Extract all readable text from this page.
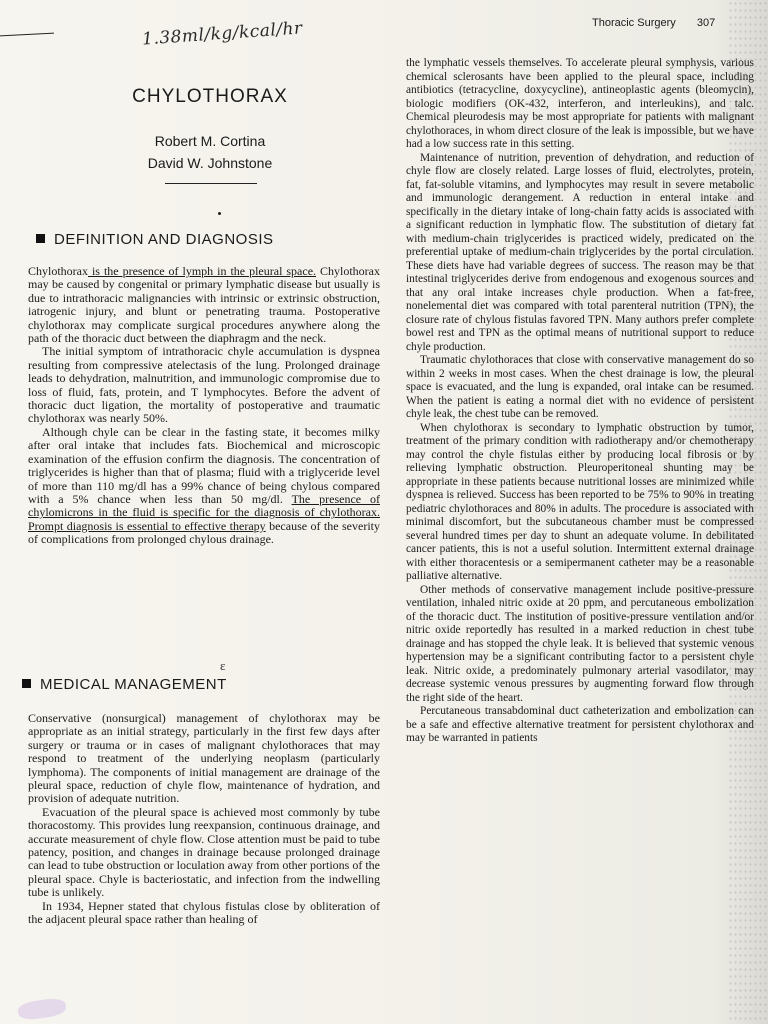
1.38ml/kg/kcal/hr	Thoracic Surgery 307
CHYLOTHORAX
Robert M. Cortina
David W. Johnstone
DEFINITION AND DIAGNOSIS

Chylothorax is the presence of lymph in the pleural space. Chylothorax may be caused by congenital or primary lymphatic disease but usually is due to intrathoracic malignancies with intrinsic or extrinsic obstruction, iatrogenic injury, and blunt or penetrating trauma. Postoperative chylothorax may complicate surgical procedures anywhere along the path of the thoracic duct between the diaphragm and the neck.

The initial symptom of intrathoracic chyle accumulation is dyspnea resulting from compressive atelectasis of the lung. Prolonged drainage leads to dehydration, malnutrition, and immunologic compromise due to loss of fluid, fats, protein, and T lymphocytes. Before the advent of thoracic duct ligation, the mortality of postoperative and traumatic chylothorax was nearly 50%.

Although chyle can be clear in the fasting state, it becomes milky after oral intake that includes fats. Biochemical and microscopic examination of the effusion confirm the diagnosis. The concentration of triglycerides is higher than that of plasma; fluid with a triglyceride level of more than 110 mg/dl has a 99% chance of being chylous compared with a 5% chance when less than 50 mg/dl. The presence of chylomicrons in the fluid is specific for the diagnosis of chylothorax. Prompt diagnosis is essential to effective therapy because of the severity of complications from prolonged chylous drainage.

ɛ
MEDICAL MANAGEMENT

Conservative (nonsurgical) management of chylothorax may be appropriate as an initial strategy, particularly in the first few days after surgery or trauma or in cases of malignant chylothoraces that may respond to treatment of the underlying neoplasm (particularly lymphoma). The components of initial management are drainage of the pleural space, reduction of chyle flow, maintenance of hydration, and provision of adequate nutrition.

Evacuation of the pleural space is achieved most commonly by tube thoracostomy. This provides lung reexpansion, continuous drainage, and accurate measurement of chyle flow. Close attention must be paid to tube patency, position, and changes in drainage because prolonged drainage can lead to tube obstruction or loculation away from other portions of the pleural space. Chyle is bacteriostatic, and infection from the indwelling tube is unlikely.

In 1934, Hepner stated that chylous fistulas close by obliteration of the adjacent pleural space rather than healing of

the lymphatic vessels themselves. To accelerate pleural symphysis, various chemical sclerosants have been applied to the pleural space, including antibiotics (tetracycline, doxycycline), antineoplastic agents (bleomycin), biologic modifiers (OK-432, interferon, and interleukins), and talc. Chemical pleurodesis may be most appropriate for patients with malignant chylothoraces, in whom direct closure of the leak is impossible, but we have had a low success rate in this setting.

Maintenance of nutrition, prevention of dehydration, and reduction of chyle flow are closely related. Large losses of fluid, electrolytes, protein, fat, fat-soluble vitamins, and lymphocytes may result in severe metabolic and immunologic derangement. A reduction in enteral intake and specifically in the dietary intake of long-chain fatty acids is associated with a significant reduction in lymphatic flow. The substitution of dietary fat with medium-chain triglycerides is practiced widely, predicated on the preferential uptake of medium-chain triglycerides by the portal circulation. These diets have had variable degrees of success. The reason may be that intestinal triglycerides derive from endogenous and exogenous sources and that any oral intake increases chyle production. When a fat-free, nonelemental diet was compared with total parenteral nutrition (TPN), the closure rate of chylous fistulas favored TPN. Many authors prefer complete bowel rest and TPN as the optimal means of nutritional support to reduce chyle production.

Traumatic chylothoraces that close with conservative management do so within 2 weeks in most cases. When the chest drainage is low, the pleural space is evacuated, and the lung is expanded, oral intake can be resumed. When the patient is eating a normal diet with no evidence of persistent chyle leak, the chest tube can be removed.

When chylothorax is secondary to lymphatic obstruction by tumor, treatment of the primary condition with radiotherapy and/or chemotherapy may control the chyle fistulas either by producing local fibrosis or by relieving lymphatic obstruction. Pleuroperitoneal shunting may be appropriate in these patients because nutritional losses are minimized while dyspnea is relieved. Success has been reported to be 75% to 90% in treating pediatric chylothoraces and 80% in adults. The procedure is associated with minimal discomfort, but the subcutaneous chamber must be compressed several hundred times per day to shunt an adequate volume. In debilitated cancer patients, this is not a useful solution. Intermittent external drainage with either thoracentesis or a semipermanent catheter may be a reasonable palliative alternative.

Other methods of conservative management include positive-pressure ventilation, inhaled nitric oxide at 20 ppm, and percutaneous embolization of the thoracic duct. The institution of positive-pressure ventilation and/or nitric oxide reportedly has resulted in a marked reduction in chest tube drainage and has stopped the chyle leak. It is believed that systemic venous hypertension may be a significant contributing factor to a persistent chyle leak. Nitric oxide, a predominately pulmonary arterial vasodilator, may decrease systemic venous pressures by augmenting forward flow through the right side of the heart.

Percutaneous transabdominal duct catheterization and embolization can be a safe and effective alternative treatment for persistent chylothorax and may be warranted in patients
